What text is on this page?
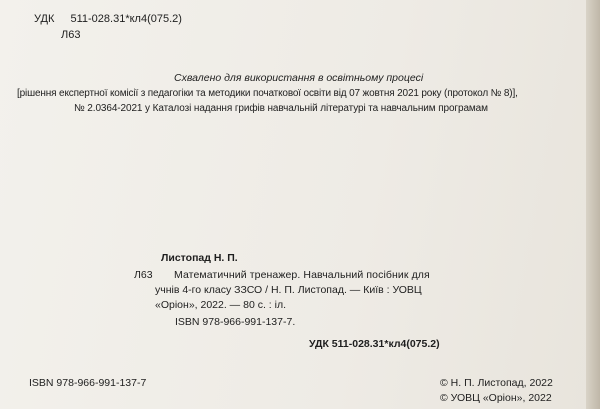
УДК 511-028.31*кл4(075.2)
Л63
Схвалено для використання в освітньому процесі
[рішення експертної комісії з педагогіки та методики початкової освіти від 07 жовтня 2021 року (протокол № 8)],
№ 2.0364-2021 у Каталозі надання грифів навчальній літературі та навчальним програмам
Листопад Н. П.
Л63 Математичний тренажер. Навчальний посібник для
учнів 4-го класу ЗЗСО / Н. П. Листопад. — Київ : УОВЦ
«Оріон», 2022. — 80 с. : іл.
ISBN 978-966-991-137-7.
УДК 511-028.31*кл4(075.2)
ISBN 978-966-991-137-7	© Н. П. Листопад, 2022
© УОВЦ «Оріон», 2022
